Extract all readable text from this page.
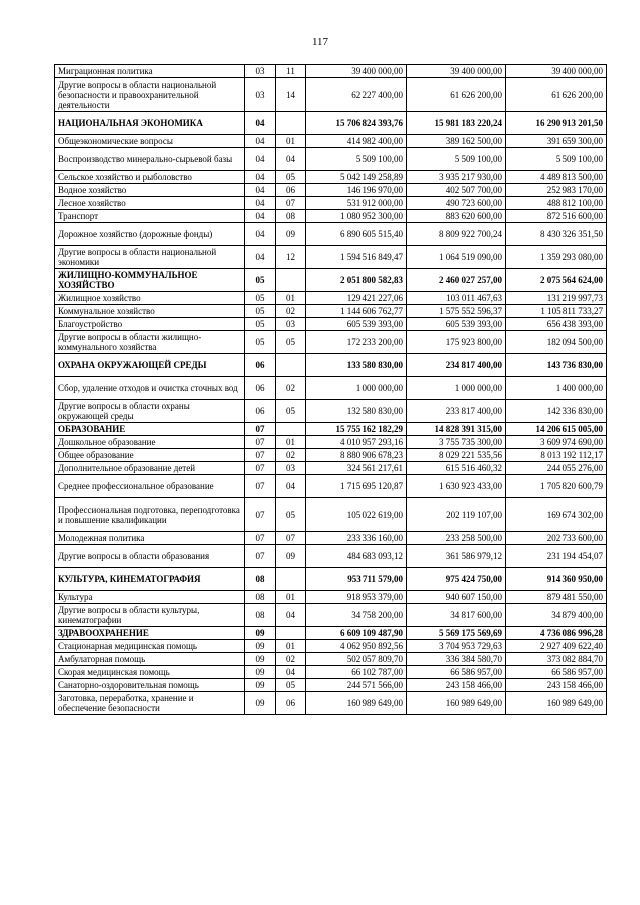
117
Миграционная политика	03	11	39 400 000,00	39 400 000,00	39 400 000,00
Другие вопросы в области национальной безопасности и правоохранительной деятельности	03	14	62 227 400,00	61 626 200,00	61 626 200,00
НАЦИОНАЛЬНАЯ ЭКОНОМИКА	04		15 706 824 393,76	15 981 183 220,24	16 290 913 201,50
Общеэкономические вопросы	04	01	414 982 400,00	389 162 500,00	391 659 300,00
Воспроизводство минерально-сырьевой базы	04	04	5 509 100,00	5 509 100,00	5 509 100,00
Сельское хозяйство и рыболовство	04	05	5 042 149 258,89	3 935 217 930,00	4 489 813 500,00
Водное хозяйство	04	06	146 196 970,00	402 507 700,00	252 983 170,00
Лесное хозяйство	04	07	531 912 000,00	490 723 600,00	488 812 100,00
Транспорт	04	08	1 080 952 300,00	883 620 600,00	872 516 600,00
Дорожное хозяйство (дорожные фонды)	04	09	6 890 605 515,40	8 809 922 700,24	8 430 326 351,50
Другие вопросы в области национальной экономики	04	12	1 594 516 849,47	1 064 519 090,00	1 359 293 080,00
ЖИЛИЩНО-КОММУНАЛЬНОЕ ХОЗЯЙСТВО	05		2 051 800 582,83	2 460 027 257,00	2 075 564 624,00
Жилищное хозяйство	05	01	129 421 227,06	103 011 467,63	131 219 997,73
Коммунальное хозяйство	05	02	1 144 606 762,77	1 575 552 596,37	1 105 811 733,27
Благоустройство	05	03	605 539 393,00	605 539 393,00	656 438 393,00
Другие вопросы в области жилищно-коммунального хозяйства	05	05	172 233 200,00	175 923 800,00	182 094 500,00
ОХРАНА ОКРУЖАЮЩЕЙ СРЕДЫ	06		133 580 830,00	234 817 400,00	143 736 830,00
Сбор, удаление отходов и очистка сточных вод	06	02	1 000 000,00	1 000 000,00	1 400 000,00
Другие вопросы в области охраны окружающей среды	06	05	132 580 830,00	233 817 400,00	142 336 830,00
ОБРАЗОВАНИЕ	07		15 755 162 182,29	14 828 391 315,00	14 206 615 005,00
Дошкольное образование	07	01	4 010 957 293,16	3 755 735 300,00	3 609 974 690,00
Общее образование	07	02	8 880 906 678,23	8 029 221 535,56	8 013 192 112,17
Дополнительное образование детей	07	03	324 561 217,61	615 516 460,32	244 055 276,00
Среднее профессиональное образование	07	04	1 715 695 120,87	1 630 923 433,00	1 705 820 600,79
Профессиональная подготовка, переподготовка и повышение квалификации	07	05	105 022 619,00	202 119 107,00	169 674 302,00
Молодежная политика	07	07	233 336 160,00	233 258 500,00	202 733 600,00
Другие вопросы в области образования	07	09	484 683 093,12	361 586 979,12	231 194 454,07
КУЛЬТУРА, КИНЕМАТОГРАФИЯ	08		953 711 579,00	975 424 750,00	914 360 950,00
Культура	08	01	918 953 379,00	940 607 150,00	879 481 550,00
Другие вопросы в области культуры, кинематографии	08	04	34 758 200,00	34 817 600,00	34 879 400,00
ЗДРАВООХРАНЕНИЕ	09		6 609 109 487,90	5 569 175 569,69	4 736 086 996,28
Стационарная медицинская помощь	09	01	4 062 950 892,56	3 704 953 729,63	2 927 409 622,40
Амбулаторная помощь	09	02	502 057 809,70	336 384 580,70	373 082 884,70
Скорая медицинская помощь	09	04	66 102 787,00	66 586 957,00	66 586 957,00
Санаторно-оздоровительная помощь	09	05	244 571 566,00	243 158 466,00	243 158 466,00
Заготовка, переработка, хранение и обеспечение безопасности	09	06	160 989 649,00	160 989 649,00	160 989 649,00
